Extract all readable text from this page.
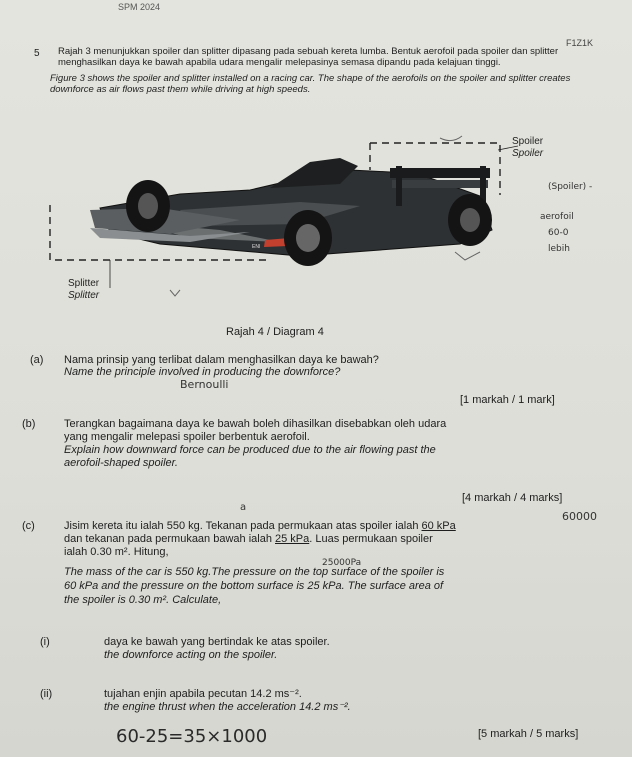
SPM 2024
F1Z1K
5 Rajah 3 menunjukkan spoiler dan splitter dipasang pada sebuah kereta lumba. Bentuk aerofoil pada spoiler dan splitter menghasilkan daya ke bawah apabila udara mengalir melepasinya semasa dipandu pada kelajuan tinggi.
Figure 3 shows the spoiler and splitter installed on a racing car. The shape of the aerofoils on the spoiler and splitter creates downforce as air flows past them while driving at high speeds.
ENI
Spoiler
Spoiler
Splitter
Splitter
(Spoiler) -
aerofoil
60-0
lebih
Rajah 4 / Diagram 4
(a) Nama prinsip yang terlibat dalam menghasilkan daya ke bawah?
Name the principle involved in producing the downforce?
Bernoulli
[1 markah / 1 mark]
(b)	Terangkan bagaimana daya ke bawah boleh dihasilkan disebabkan oleh udara
yang mengalir melepasi spoiler berbentuk aerofoil.
Explain how downward force can be produced due to the air flowing past the
aerofoil-shaped spoiler.
[4 markah / 4 marks]
a
60000
(c)	Jisim kereta itu ialah 550 kg. Tekanan pada permukaan atas spoiler ialah 60 kPa
dan tekanan pada permukaan bawah ialah 25 kPa. Luas permukaan spoiler
ialah 0.30 m². Hitung,
25000Pa
The mass of the car is 550 kg.The pressure on the top surface of the spoiler is
60 kPa and the pressure on the bottom surface is 25 kPa. The surface area of
the spoiler is 0.30 m². Calculate,
(i)	daya ke bawah yang bertindak ke atas spoiler.
the downforce acting on the spoiler.
(ii)	tujahan enjin apabila pecutan 14.2 ms⁻².
the engine thrust when the acceleration 14.2 ms⁻².
60-25=35×1000	[5 markah / 5 marks]
